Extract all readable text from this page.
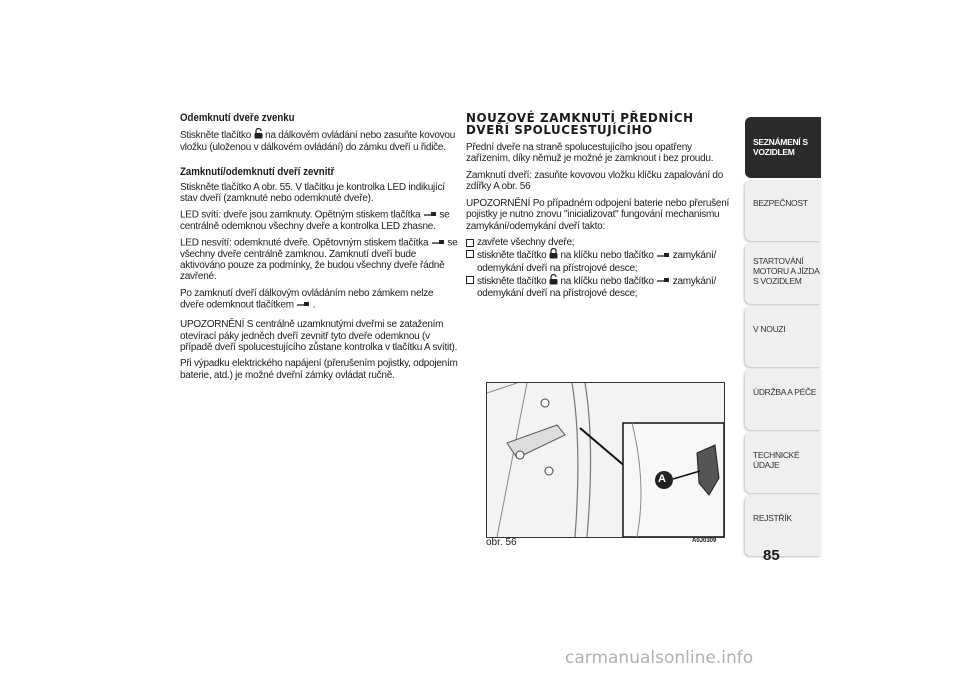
Odemknutí dveře zvenku

Stiskněte tlačítko na dálkovém ovládání nebo zasuňte kovovou vložku (uloženou v dálkovém ovládání) do zámku dveří u řidiče.

Zamknutí/odemknutí dveří zevnitř

Stiskněte tlačítko A obr. 55. V tlačítku je kontrolka LED indikující stav dveří (zamknuté nebo odemknuté dveře).

LED svítí: dveře jsou zamknuty. Opětným stiskem tlačítka se centrálně odemknou všechny dveře a kontrolka LED zhasne.

LED nesvítí: odemknuté dveře. Opětovným stiskem tlačítka se všechny dveře centrálně zamknou. Zamknutí dveří bude aktivováno pouze za podmínky, že budou všechny dveře řádně zavřené.

Po zamknutí dveří dálkovým ovládáním nebo zámkem nelze dveře odemknout tlačítkem .

UPOZORNĚNÍ S centrálně uzamknutými dveřmi se zatažením otevírací páky jedněch dveří zevnitř tyto dveře odemknou (v případě dveří spolucestujícího zůstane kontrolka v tlačítku A svítit).

Při výpadku elektrického napájení (přerušením pojistky, odpojením baterie, atd.) je možné dveřní zámky ovládat ručně.

NOUZOVÉ ZAMKNUTÍ PŘEDNÍCH
DVEŘÍ SPOLUCESTUJÍCÍHO

Přední dveře na straně spolucestujícího jsou opatřeny zařízením, díky němuž je možné je zamknout i bez proudu.

Zamknutí dveří: zasuňte kovovou vložku klíčku zapalování do zdířky A obr. 56

UPOZORNĚNÍ Po případném odpojení baterie nebo přerušení pojistky je nutno znovu "inicializovat" fungování mechanismu zamykání/odemykání dveří takto:

zavřete všechny dveře;
stiskněte tlačítko na klíčku nebo tlačítko zamykání/ odemykání dveří na přístrojové desce;
stiskněte tlačítko na klíčku nebo tlačítko zamykání/ odemykání dveří na přístrojové desce;
A
obr. 56	A0J0309
SEZNÁMENÍ S VOZIDLEM
BEZPEČNOST
STARTOVÁNÍ MOTORU A JÍZDA S VOZIDLEM
V NOUZI
ÚDRŽBA A PÉČE
TECHNICKÉ ÚDAJE
REJSTŘÍK
85
carmanualsonline.info
